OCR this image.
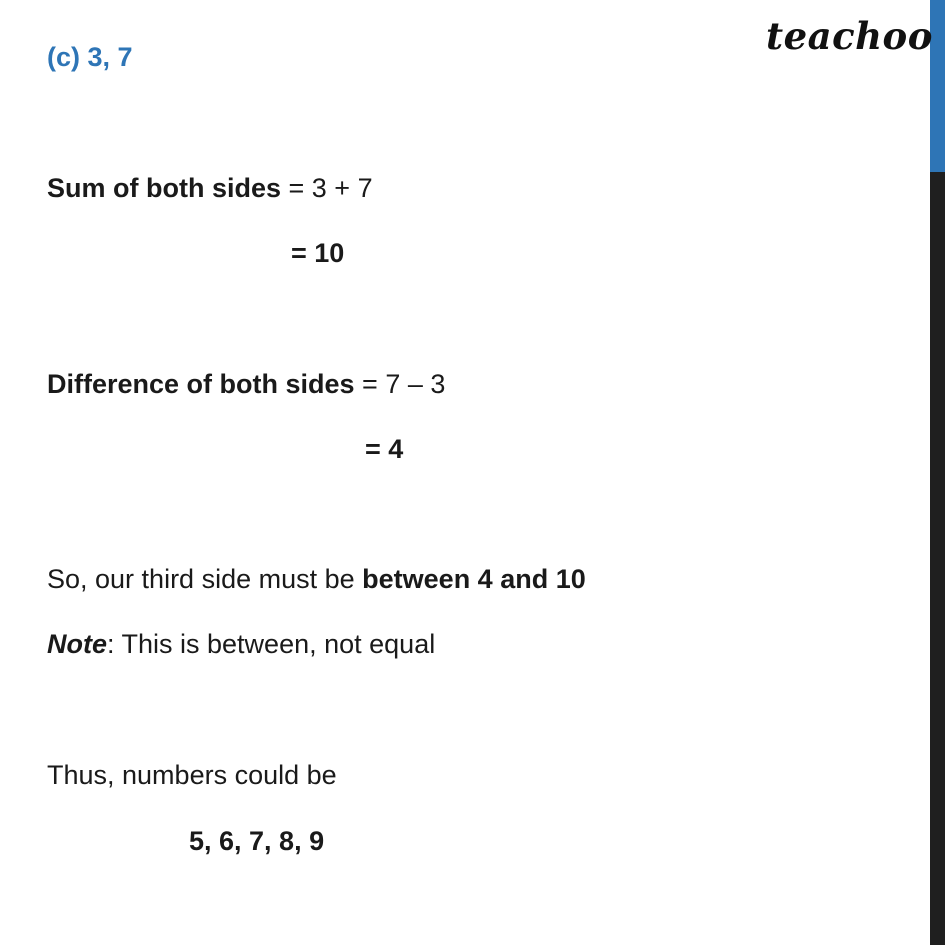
teachoo
(c) 3, 7
Sum of both sides = 3 + 7
= 10
Difference of both sides = 7 – 3
= 4
So, our third side must be between 4 and 10
Note: This is between, not equal
Thus, numbers could be
5, 6, 7, 8, 9
